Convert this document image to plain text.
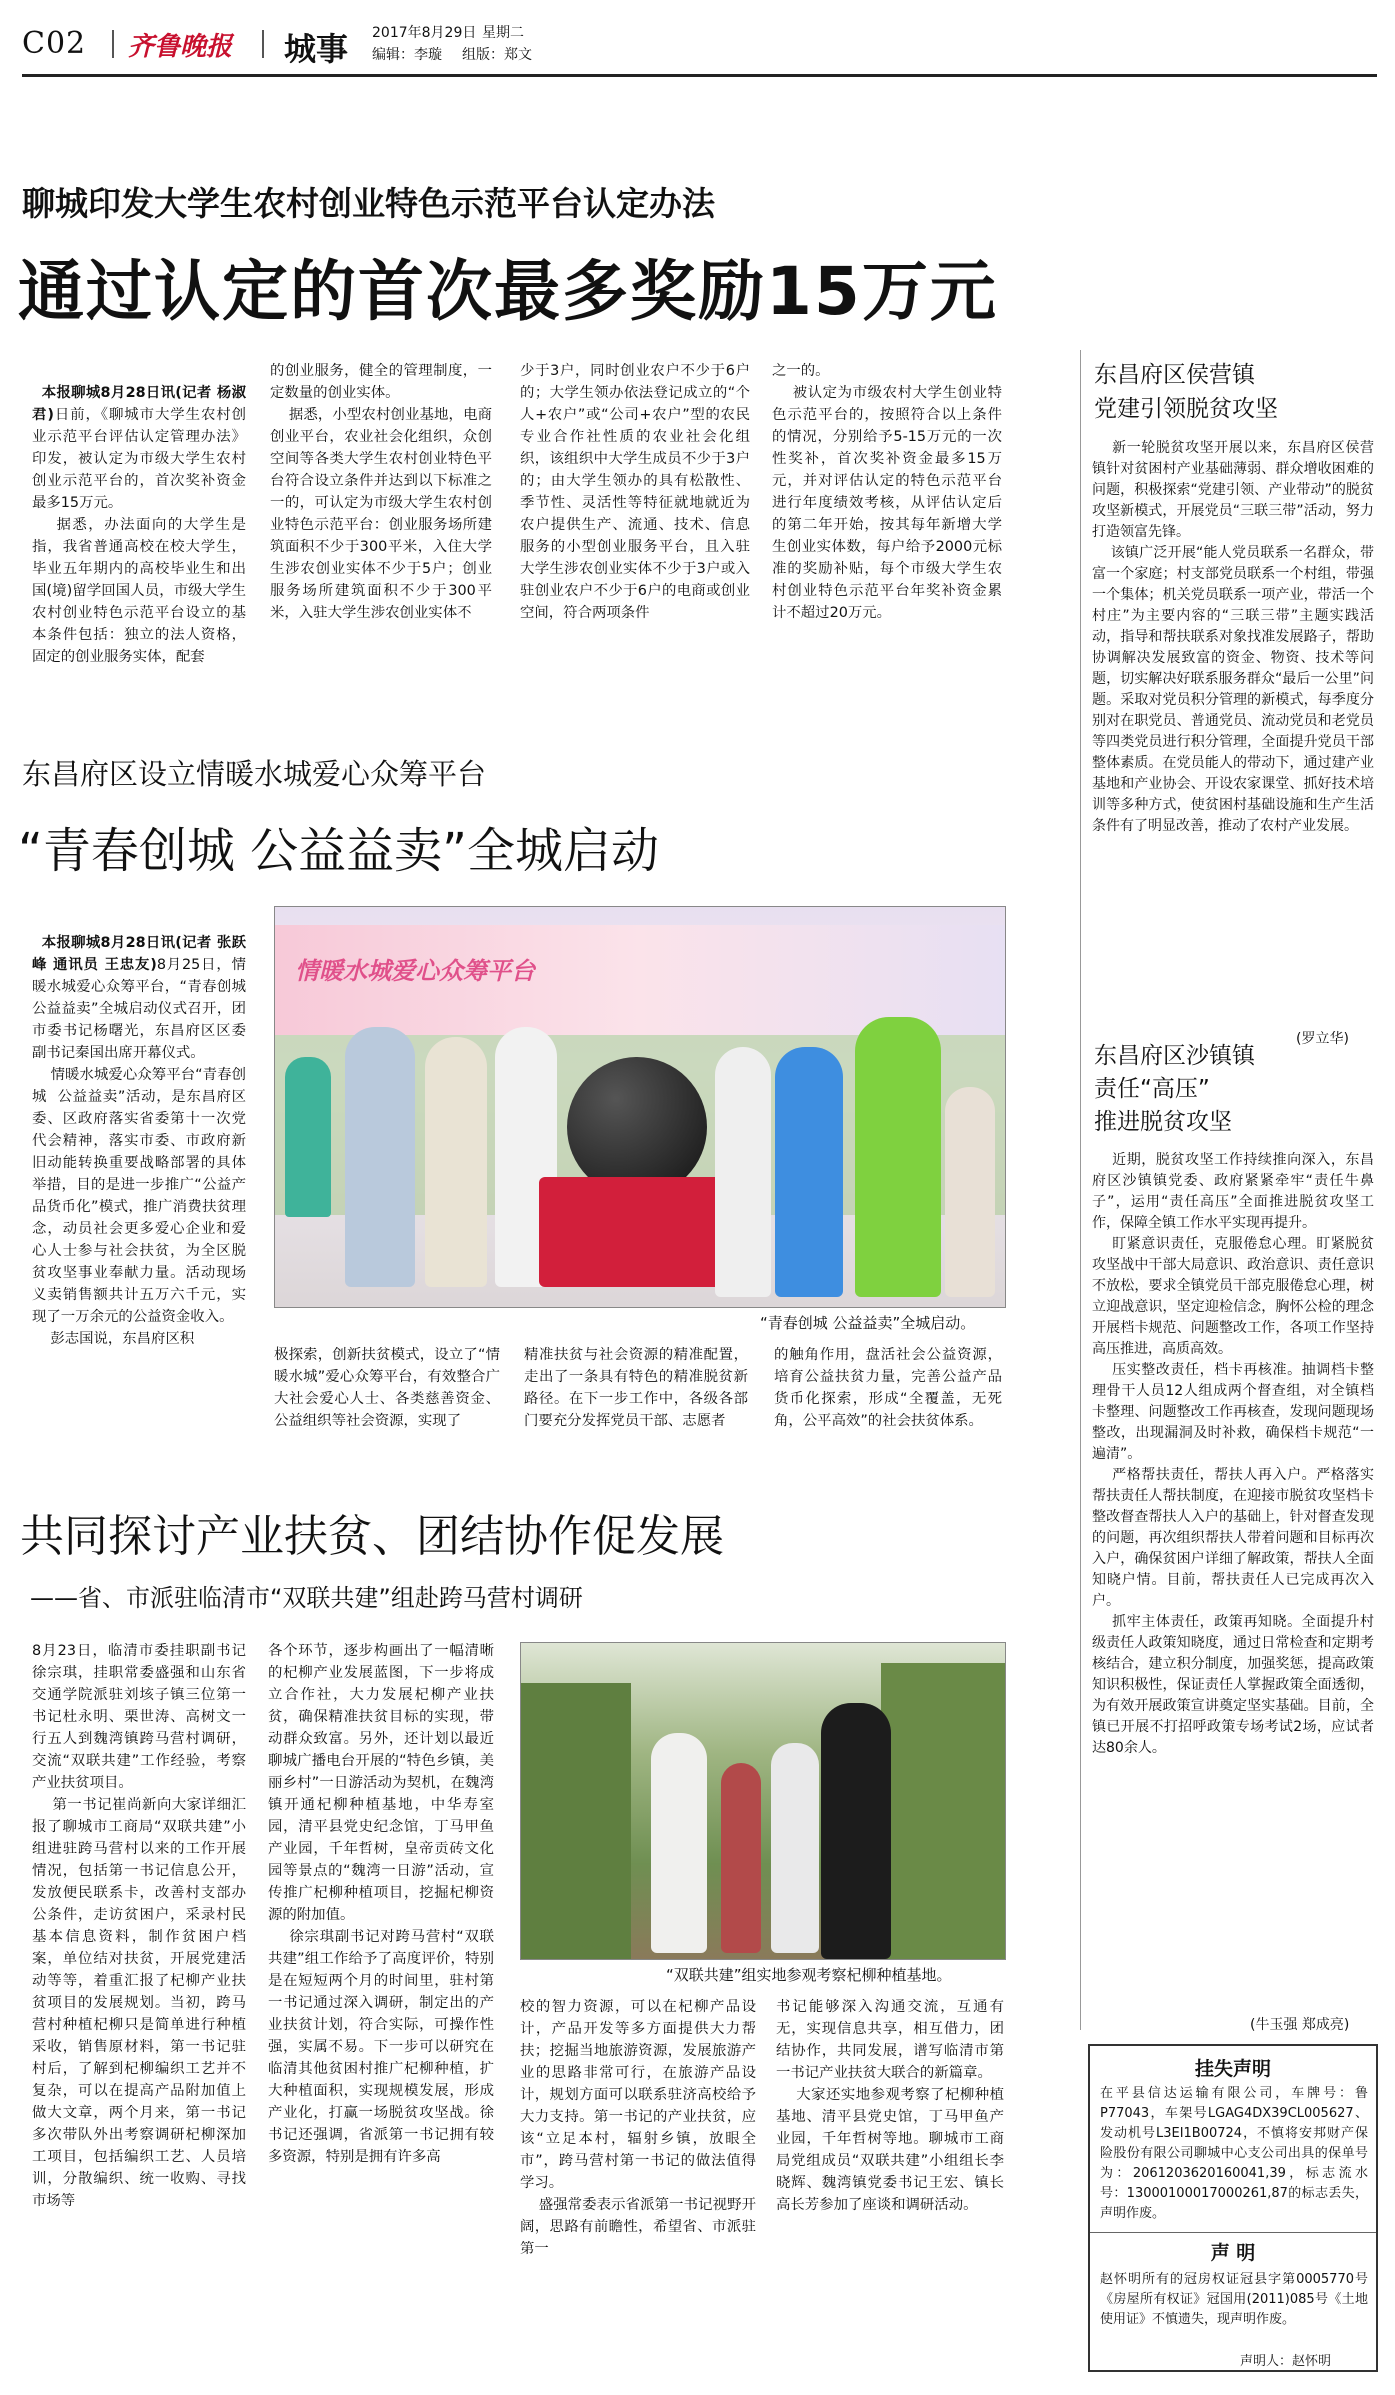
C02 齐鲁晚报 城事 2017年8月29日 星期二
编辑：李璇 组版：郑文
聊城印发大学生农村创业特色示范平台认定办法
通过认定的首次最多奖励15万元

本报聊城8月28日讯(记者 杨淑君)日前，《聊城市大学生农村创业示范平台评估认定管理办法》印发，被认定为市级大学生农村创业示范平台的，首次奖补资金最多15万元。
据悉，办法面向的大学生是指，我省普通高校在校大学生，毕业五年期内的高校毕业生和出国(境)留学回国人员，市级大学生农村创业特色示范平台设立的基本条件包括：独立的法人资格，固定的创业服务实体，配套

的创业服务，健全的管理制度，一定数量的创业实体。
据悉，小型农村创业基地，电商创业平台，农业社会化组织，众创空间等各类大学生农村创业特色平台符合设立条件并达到以下标准之一的，可认定为市级大学生农村创业特色示范平台：创业服务场所建筑面积不少于300平米，入住大学生涉农创业实体不少于5户；创业服务场所建筑面积不少于300平米，入驻大学生涉农创业实体不
少于3户，同时创业农户不少于6户的；大学生领办依法登记成立的“个人+农户”或“公司+农户”型的农民专业合作社性质的农业社会化组织，该组织中大学生成员不少于3户的；由大学生领办的具有松散性、季节性、灵活性等特征就地就近为农户提供生产、流通、技术、信息服务的小型创业服务平台，且入驻大学生涉农创业实体不少于3户或入驻创业农户不少于6户的电商或创业空间，符合两项条件
之一的。
被认定为市级农村大学生创业特色示范平台的，按照符合以上条件的情况，分别给予5-15万元的一次性奖补，首次奖补资金最多15万元，并对评估认定的特色示范平台进行年度绩效考核，从评估认定后的第二年开始，按其每年新增大学生创业实体数，每户给予2000元标准的奖励补贴，每个市级大学生农村创业特色示范平台年奖补资金累计不超过20万元。
东昌府区设立情暖水城爱心众筹平台
“青春创城 公益益卖”全城启动

本报聊城8月28日讯(记者 张跃峰 通讯员 王忠友)8月25日，情暖水城爱心众筹平台，“青春创城  公益益卖”全城启动仪式召开，团市委书记杨曙光，东昌府区区委副书记秦国出席开幕仪式。
情暖水城爱心众筹平台“青春创城  公益益卖”活动，是东昌府区委、区政府落实省委第十一次党代会精神，落实市委、市政府新旧动能转换重要战略部署的具体举措，目的是进一步推广“公益产品货币化”模式，推广消费扶贫理念，动员社会更多爱心企业和爱心人士参与社会扶贫，为全区脱贫攻坚事业奉献力量。活动现场义卖销售额共计五万六千元，实现了一万余元的公益资金收入。
彭志国说，东昌府区积

情暖水城爱心众筹平台
“青春创城 公益益卖”全城启动。
极探索，创新扶贫模式，设立了“情暖水城”爱心众筹平台，有效整合广大社会爱心人士、各类慈善资金、公益组织等社会资源，实现了
精准扶贫与社会资源的精准配置，走出了一条具有特色的精准脱贫新路径。在下一步工作中，各级各部门要充分发挥党员干部、志愿者
的触角作用，盘活社会公益资源，培育公益扶贫力量，完善公益产品货币化探索，形成“全覆盖，无死角，公平高效”的社会扶贫体系。
共同探讨产业扶贫、团结协作促发展
——省、市派驻临清市“双联共建”组赴跨马营村调研
8月23日，临清市委挂职副书记徐宗琪，挂职常委盛强和山东省交通学院派驻刘垓子镇三位第一书记杜永明、栗世涛、高树文一行五人到魏湾镇跨马营村调研，交流“双联共建”工作经验，考察产业扶贫项目。
第一书记崔尚新向大家详细汇报了聊城市工商局“双联共建”小组进驻跨马营村以来的工作开展情况，包括第一书记信息公开，发放便民联系卡，改善村支部办公条件，走访贫困户，采录村民基本信息资料，制作贫困户档案，单位结对扶贫，开展党建活动等等，着重汇报了杞柳产业扶贫项目的发展规划。当初，跨马营村种植杞柳只是简单进行种植采收，销售原材料，第一书记驻村后，了解到杞柳编织工艺并不复杂，可以在提高产品附加值上做大文章，两个月来，第一书记多次带队外出考察调研杞柳深加工项目，包括编织工艺、人员培训，分散编织、统一收购、寻找市场等
各个环节，逐步构画出了一幅清晰的杞柳产业发展蓝图，下一步将成立合作社，大力发展杞柳产业扶贫，确保精准扶贫目标的实现，带动群众致富。另外，还计划以最近聊城广播电台开展的“特色乡镇，美丽乡村”一日游活动为契机，在魏湾镇开通杞柳种植基地，中华寿室园，清平县党史纪念馆，丁马甲鱼产业园，千年哲树，皇帝贡砖文化园等景点的“魏湾一日游”活动，宣传推广杞柳种植项目，挖掘杞柳资源的附加值。
徐宗琪副书记对跨马营村“双联共建”组工作给予了高度评价，特别是在短短两个月的时间里，驻村第一书记通过深入调研，制定出的产业扶贫计划，符合实际，可操作性强，实属不易。下一步可以研究在临清其他贫困村推广杞柳种植，扩大种植面积，实现规模发展，形成产业化，打赢一场脱贫攻坚战。徐书记还强调，省派第一书记拥有较多资源，特别是拥有许多高
“双联共建”组实地参观考察杞柳种植基地。
校的智力资源，可以在杞柳产品设计，产品开发等多方面提供大力帮扶；挖掘当地旅游资源，发展旅游产业的思路非常可行，在旅游产品设计，规划方面可以联系驻济高校给予大力支持。第一书记的产业扶贫，应该“立足本村，辐射乡镇，放眼全市”，跨马营村第一书记的做法值得学习。
盛强常委表示省派第一书记视野开阔，思路有前瞻性，希望省、市派驻第一
书记能够深入沟通交流，互通有无，实现信息共享，相互借力，团结协作，共同发展，谱写临清市第一书记产业扶贫大联合的新篇章。
大家还实地参观考察了杞柳种植基地、清平县党史馆，丁马甲鱼产业园，千年哲树等地。聊城市工商局党组成员“双联共建”小组组长李晓辉、魏湾镇党委书记王宏、镇长高长芳参加了座谈和调研活动。
东昌府区侯营镇
党建引领脱贫攻坚
新一轮脱贫攻坚开展以来，东昌府区侯营镇针对贫困村产业基础薄弱、群众增收困难的问题，积极探索“党建引领、产业带动”的脱贫攻坚新模式，开展党员“三联三带”活动，努力打造领富先锋。
该镇广泛开展“能人党员联系一名群众，带富一个家庭；村支部党员联系一个村组，带强一个集体；机关党员联系一项产业，带活一个村庄”为主要内容的“三联三带”主题实践活动，指导和帮扶联系对象找准发展路子，帮助协调解决发展致富的资金、物资、技术等问题，切实解决好联系服务群众“最后一公里”问题。采取对党员积分管理的新模式，每季度分别对在职党员、普通党员、流动党员和老党员等四类党员进行积分管理，全面提升党员干部整体素质。在党员能人的带动下，通过建产业基地和产业协会、开设农家课堂、抓好技术培训等多种方式，使贫困村基础设施和生产生活条件有了明显改善，推动了农村产业发展。
(罗立华)
东昌府区沙镇镇
责任“高压”
推进脱贫攻坚
近期，脱贫攻坚工作持续推向深入，东昌府区沙镇镇党委、政府紧紧牵牢“责任牛鼻子”，运用“责任高压”全面推进脱贫攻坚工作，保障全镇工作水平实现再提升。
盯紧意识责任，克服倦怠心理。盯紧脱贫攻坚战中干部大局意识、政治意识、责任意识不放松，要求全镇党员干部克服倦怠心理，树立迎战意识，坚定迎检信念，胸怀公检的理念开展档卡规范、问题整改工作，各项工作坚持高压推进，高质高效。
压实整改责任，档卡再核准。抽调档卡整理骨干人员12人组成两个督查组，对全镇档卡整理、问题整改工作再核查，发现问题现场整改，出现漏洞及时补救，确保档卡规范“一遍清”。
严格帮扶责任，帮扶人再入户。严格落实帮扶责任人帮扶制度，在迎接市脱贫攻坚档卡整改督查帮扶人入户的基础上，针对督查发现的问题，再次组织帮扶人带着问题和目标再次入户，确保贫困户详细了解政策，帮扶人全面知晓户情。目前，帮扶责任人已完成再次入户。
抓牢主体责任，政策再知晓。全面提升村级责任人政策知晓度，通过日常检查和定期考核结合，建立积分制度，加强奖惩，提高政策知识积极性，保证责任人掌握政策全面透彻，为有效开展政策宣讲奠定坚实基础。目前，全镇已开展不打招呼政策专场考试2场，应试者达80余人。
(牛玉强 郑成亮)
挂失声明
在平县信达运输有限公司，车牌号：鲁P77043，车架号LGAG4DX39CL005627、发动机号L3EI1B00724，不慎将安邦财产保险股份有限公司聊城中心支公司出具的保单号为：2061203620160041,39，标志流水号：13000100017000261,87的标志丢失，声明作废。
声 明
赵怀明所有的冠房权证冠县字第0005770号《房屋所有权证》冠国用(2011)085号《土地使用证》不慎遗失，现声明作废。
声明人：赵怀明
